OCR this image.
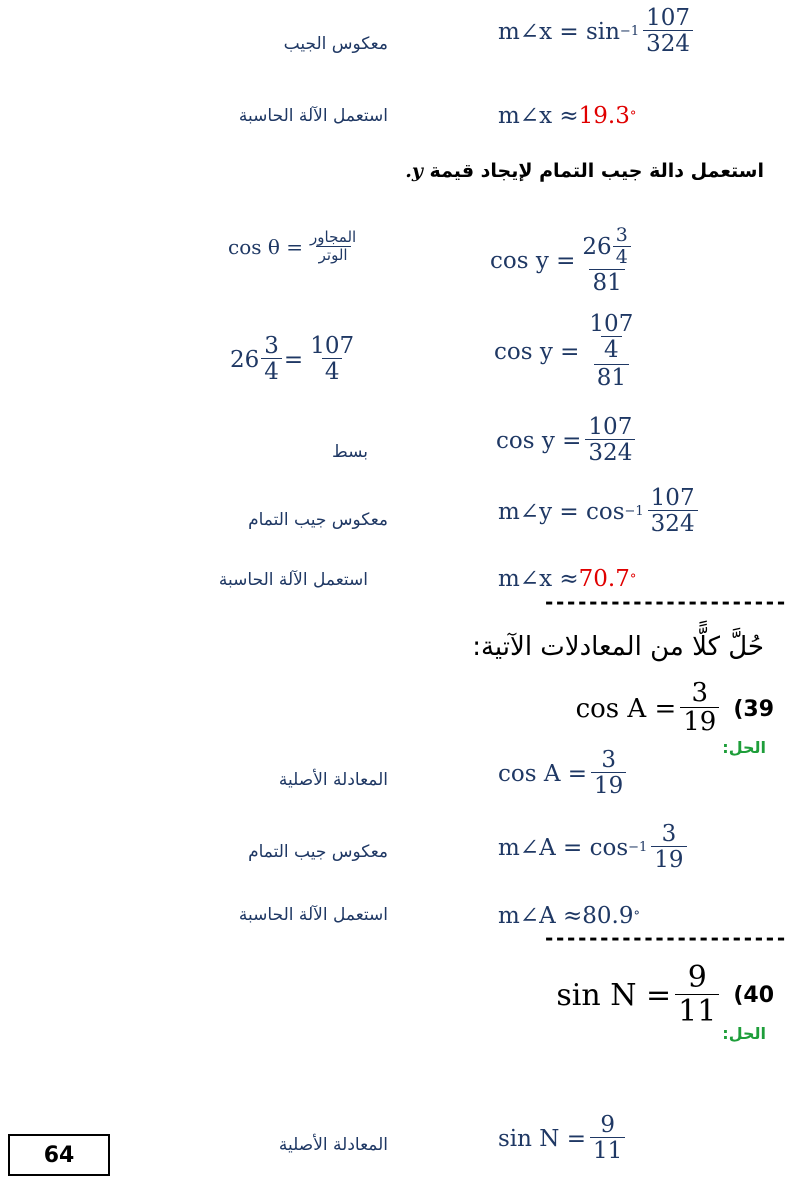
m∠x = $\sin -1 \frac{107}{324}$
معكوس الجيب
m∠x ≈ 19.3 °
استعمل الآلة الحاسبة
استعمل دالة جيب التمام لإيجاد قيمة y.
$\cos y = \frac{26 \frac{3}{4}}{81}$
$\cos \theta = \frac{\text{المجاور}}{\text{الوتر}}$
$\cos y = \frac{\frac{107}{4}}{81}$
$26 \frac{3}{4} = \frac{107}{4}$
$\cos y = \frac{107}{324}$
بسط
m∠y = $\cos -1 \frac{107}{324}$
معكوس جيب التمام
m∠x ≈ 70.7 °
استعمل الآلة الحاسبة
----------------------
حُلَّ كلًّا من المعادلات الآتية:
$\cos A = \frac{3}{19} (39$
الحل:
$\cos A = \frac{3}{19}$
المعادلة الأصلية
m∠A = $\cos -1 \frac{3}{19}$
معكوس جيب التمام
m∠A ≈ 80.9 °
استعمل الآلة الحاسبة
----------------------
$\sin N = \frac{9}{11} (40$
الحل:
$\sin N = \frac{9}{11}$
المعادلة الأصلية
64
